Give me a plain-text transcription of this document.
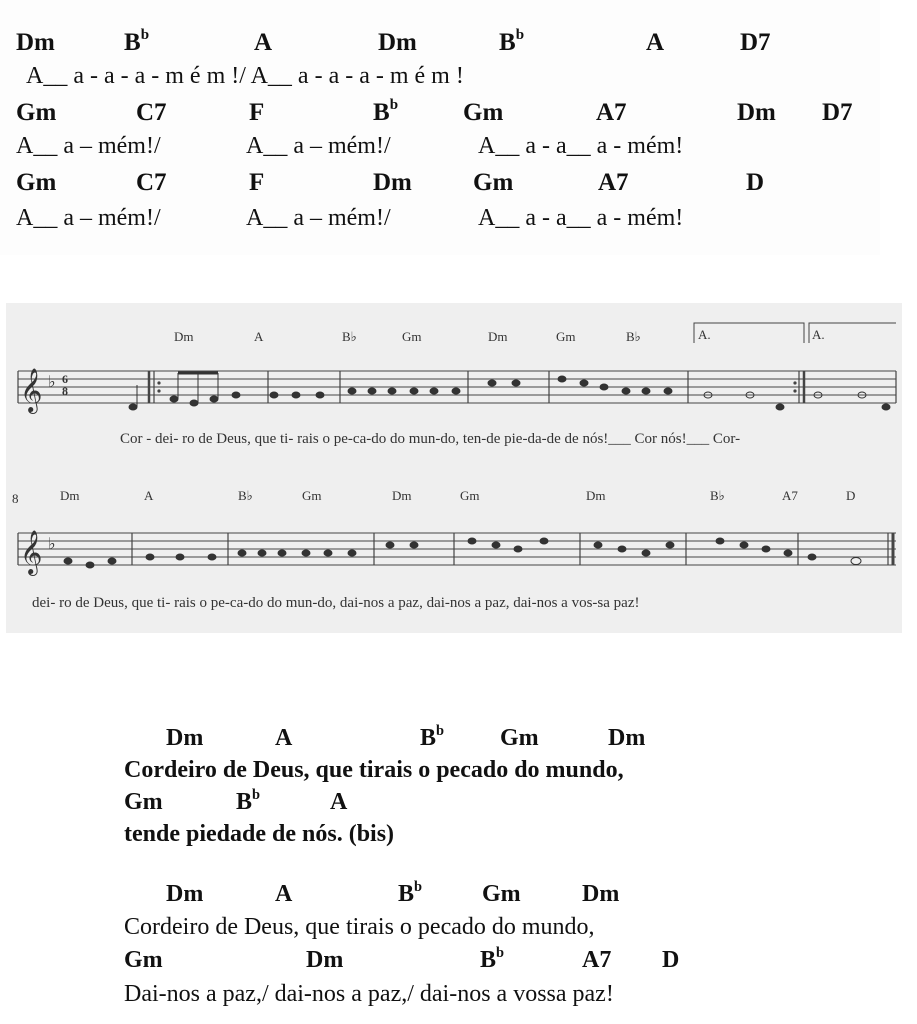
Dm	$B^b$	A	Dm	$B^b$	A	D7
A__ a - a - a - m é m !/ A__ a - a - a - m é m !
Gm	C7	F	$B^b$	Gm	A7	Dm D7
A__ a – mém!/	A__ a – mém!/	A__ a - a__ a - mém!
Gm	C7	F	Dm Gm	A7	D
A__ a – mém!/	A__ a – mém!/	A__ a - a__ a - mém!
𝄞 ♭ 6
8
A.	A.
Dm	A	B♭	Gm	Dm	Gm	B♭
Cor - dei- ro de Deus, que ti- rais o pe-ca-do do mun-do, ten-de pie-da-de de nós!___ Cor nós!___ Cor-
8
𝄞 ♭
Dm	A	B♭	Gm	Dm	Gm	Dm	B♭	A7	D
dei- ro de Deus, que ti- rais o pe-ca-do do mun-do, dai-nos a paz, dai-nos a paz, dai-nos a vos-sa paz!
Dm	A	$B^b$ Gm	Dm
Cordeiro de Deus, que tirais o pecado do mundo,
Gm	$B^b$	A
tende piedade de nós. (bis)
Dm	A	$B^b$ Gm	Dm
Cordeiro de Deus, que tirais o pecado do mundo,
Gm	Dm	$B^b$	A7 D
Dai-nos a paz,/ dai-nos a paz,/ dai-nos a vossa paz!
